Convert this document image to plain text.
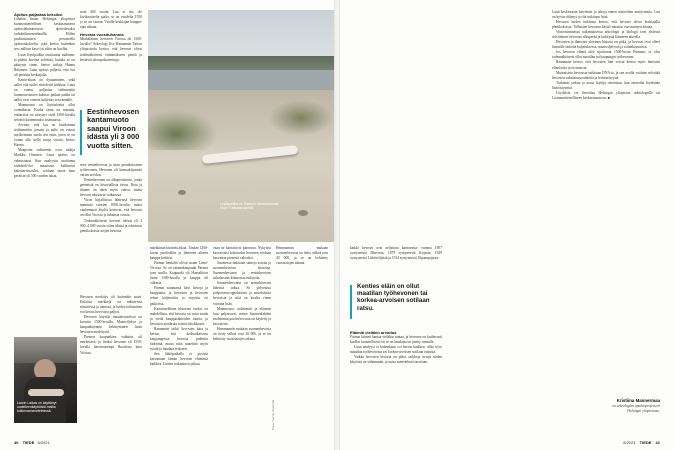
Ajoitus paljastaa keksiksi

Lähetän Iisaan Helsingin yliopiston luonnontieteellisen keskusmuseon ajoituslaboratorioon ajoitettavaksi radiohiilimenetelmällä. Hiilen puoliintumisen perusteella ajoitustulokselta, joka kertoo kuitenkin sen, milloin kasvi tai eläin on kuollut.

Luun löytöpaikka osoittautui mäkinen, ja päätin koettaa selvittää, kuinka se on päätynyt sinne, kertoo tutkija Hannu Ruhanen. Luun ajoitus paljasti, että luu oli peräisin keskiajalta.

Kanta-aluan on dynaaminen, sekä aallot että tuulet siirtelevät hiekkaa. Luun on voinut paljastaa sedimenttiä luonnonvoimien kulutus paikan päältä tai aallot ovat voineet kuljettaa sen rannalle.

Maannousu on löytöaluetta ollut voimakasta. Koska ranta on mataala, rantaviiva on siirtynyt vielä 1500-luvulla selvästi kauemmaksi sisämaassa.

Arvioin, että luu on haudattuna sedimenttiin jossain ja aalto on voinut myöhemmin tuoda sen esiin, joten se on voinut olla siellä satoja vuosia, kertoo Hannu.

Maaperän sedimentit ovat tutkija Markku Oinonen. Luun ajoitus on valmistunut. Kun analyysin osoittama radiohiili-ikä maastosta kalibroitu kalenterivuosiksi, voidaan sanoa luun peräisin yli 500 vuoden takaa.

noin 460 vuotta. Luu ei siis ole kivikautiselta ajalta, se on vuodelta 1550 ja se on sisarus Virolle keskiajan kauppa-ajan aikana.

Hevosia vuosituhannia

Minkälainen hevonen Virossa oli 1500-luvulla? Arkeologi Eve Rannamäe Tarton yliopistosta kertoo, että hevoset olivat todennäköisesti enimmäkseen pieniä ja kestäviä talonpoikaisrotuja.

Eestinhevosen kantamuoto saapui Viroon idästä yli 3 000 vuotta sitten.

seen eestinhevosta ja siten pienikokoinen työhevonen. Hevonen oli kanssakäymistä varten arvokas.

Eestinhevonen on alkuperäisrotu, jonka geeneistä on historiallista tietoa. Rotu ja tilanne on täten myös vahva, mutta hevoset edustavat vaikutusta.

Viron kirjallisissa lähteissä hevosen maininta vuosien 1000–luvulta, mutta vanhemmat löydöt kertovat, että hevosia on ollut Virossa jo tuhansia vuosia.

Todennäköisesti hevoset tulivat yli 3 000–4 000 vuotta sitten idästä ja edustavat pienikokoisia arojen hevosia.

Laurin Laikas on käyttänyt uudelleenkäyttöisiä mallia tutkimusmenetelmissä.

Hevosen merkitys oli kuitenkin suuri. Erilaisia merkkejä on nähtävissä nimistössä ja nimissä, ja luiden tutkiminen voi kertoa hevosista paljon.

Hevosen käyttöä maataloustöissä on kuvattu 1500-luvulla. Maanviljelyn ja kaupankäynnin kehittyminen lisäsi hevosten merkitystä.

Pienten kaupunkien vaikutus oli merkittävä, ja lisäksi hevonen oli 1550-luvulla harvinaisempi Ruotsissa kuin Virossa.

Löytöpaikka on Rannan hiekkarannalla Viron Tuhkalan lähellä.

markkinan kiinteää aikaa. Tänään 1200-luvun puoliväliin ja Itämeren alueen kauppa kehittyi.

Pärnun henkilöt olivat maan Länsi-Virossa. Se on satamakaupunki Pärnun joen suulla. Kaupunki oli Hansaliiton jäsen 1300-luvulla ja kauppa oli vilkasta.

Pärnun satamassa kävi laivoja ja kauppiaita, ja hevosten ja hevosten rehua kuljetettiin ja myytiin eri paikoissa.

Kansainvälinen historian vuoksi on mahdollista, että hevosia on voitu tuoda ja viedä kauppasuhteiden kautta, ja hevosten ajanlasku toimii tehokkaasti.

Rannamäe tutkii hevosten luita ja kertoo, että keskiaikaisissa kaupungeissa hevosta pidettiin tärkeänä, mutta niitä saatettiin myös syödä ja haudata erikseen.

Sen lähtöpaikalla ei pystytä kertomaan tämän hevosen elämästä kaikkea. Luiden tutkiminen jatkuu.

vaan ne kantaisivat painavaa. Nykyisin kasvavaksi kokoiseksi hevonen voidaan kasvattaa pienestä vahvaksi.

Suomessa tutkitaan samoja asioita ja suomenhevosen historiaa. Suomenhevosen ja eestinhevosen sukulaisuus kiinnostaa tutkijoita.

Suomenhevonen on eestinhevosen läheistä sukua. Se polveutuu pohjoiseurooppalaisista ja aasialaisista hevosista ja siitä on kuultu viime vuosina lisää.

Maannousu, sedimentit ja eläinten luut paljastavat, miten Suomenlahden molemmin puolin hevosia on käytetty ja kasvatettu.

Hemmannin mukaan suomenhevosta on tietty selkeä rotu 20 000, ja se on kehitetty vuosisatojen aikana.

Hemmannin mukaan suomenhevosta on tietty selkeä rotu 20 000, ja se on kehitetty vuosisatojen aikana.

Kuva: Sanna Haanpää
40 TIEDE 8/2021

kaikki hevoset ovat neljäsosa kantavasta: vuonna 1907 syntyneestä Murrosta, 1879 syntyneestä Kirjasta, 1929 syntyneestä Löhöttelijästä ja 1914 syntyneestä Ulpaanpojasta.

Kenties eläin on ollut maatilan työhevonen tai korkea-arvoisen sotilaan ratsu.
Eläimiä vieläkin arvoitus

Pärnun kiinteä kantaa vieläkin rantaa, ja hevonen on luultavasti kuollut luonnollisesti tai se on haudattu tai jätetty rannalle.

Luun analyysi ei kuitenkaan voi kertoa kaikkea: oliko kyse maatilan työhevosesta vai korkea-arvoisen sotilaan ratsusta.

Vaikka hevosten historia on pitkä, tarkkoja tietoja niiden käytöstä on vähemmän, ja uusia menetelmiä tarvitaan.

Luun keskiosasta kaivettiin jo aikoja ennen näytteiden analysointia. Luu on hyvin säilynyt ja sitä tutkitaan lisää.

Hevosen luiden tutkimus kertoo, että hevoset olivat keskiajalla pienikokoisia. Tällaisten hevosten käyttö muuttui vuosisatojen aikana.

Viimeisimmässä tutkimuksessa arkeologit ja biologit ovat yhdessä selvittäneet hevosten alkuperää ja kehitystä Itämeren alueella.

Hevosten ja ihmisten yhteinen historia on pitkä, ja hevoset ovat olleet ihmisille tärkeitä kuljetuksessa, maanviljelyssä ja sodankäynnissä.

Jos hevosen elämä olisi sijoittunut 1500-luvun Pärnuun, se olisi todennäköisesti ollut maatilan tai kaupungin työhevonen.

Rannamäe kertoo, että hevosten luut voivat kertoa myös ihmisten elinoloista ja ravinnosta.

Muinaisista hevosista tutkitaan DNA:ta, ja sen avulla voidaan selvittää hevosten sukulaisuussuhteita ja levinneisyyttä.

Tutkimus jatkuu ja uusia löytöjä odotetaan, kun rannoilta löydetään lisää näytteitä.

Löydöistä voi ilmoittaa Helsingin yliopiston arkeologeille tai Luonnontieteelliseen keskusmuseoon. ■

Kristiina Mannermaa
on arkeologian apulaisprofessori
Helsingin yliopistossa.
8/2021 TIEDE 41
